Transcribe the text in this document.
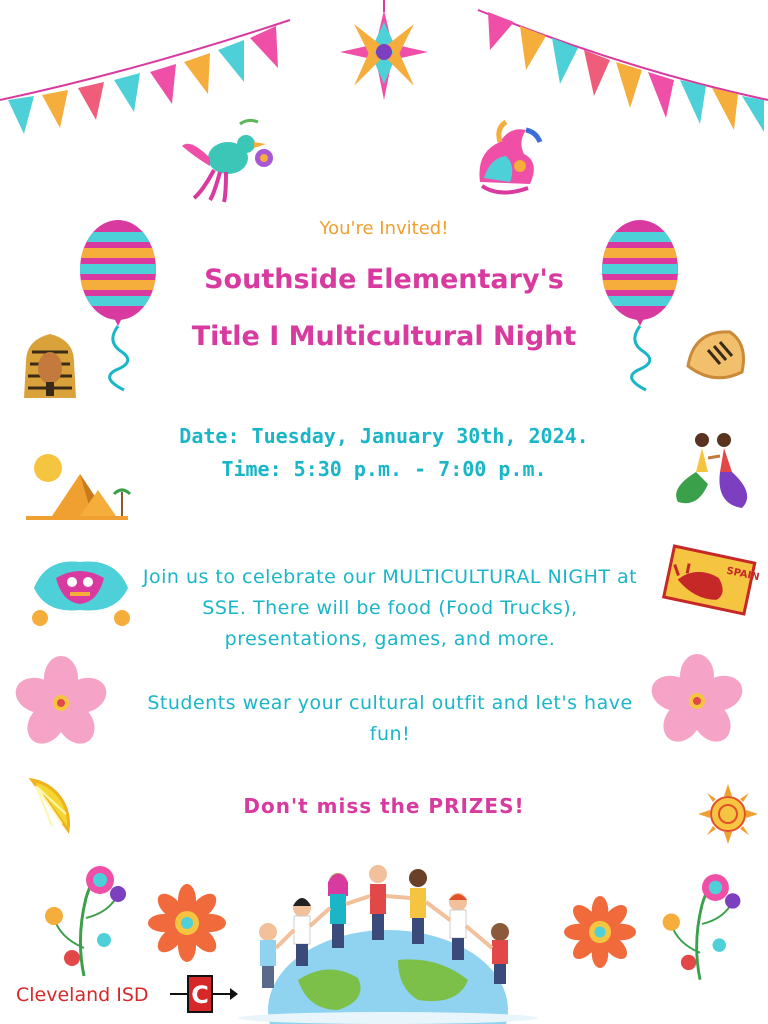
You're Invited!
Southside Elementary's
Title I Multicultural Night
Date: Tuesday, January 30th, 2024.
Time: 5:30 p.m. - 7:00 p.m.
SPAIN
Join us to celebrate our MULTICULTURAL NIGHT at SSE. There will be food (Food Trucks), presentations, games, and more.
Students wear your cultural outfit and let's have fun!
Don't miss the PRIZES!
Cleveland ISD C
